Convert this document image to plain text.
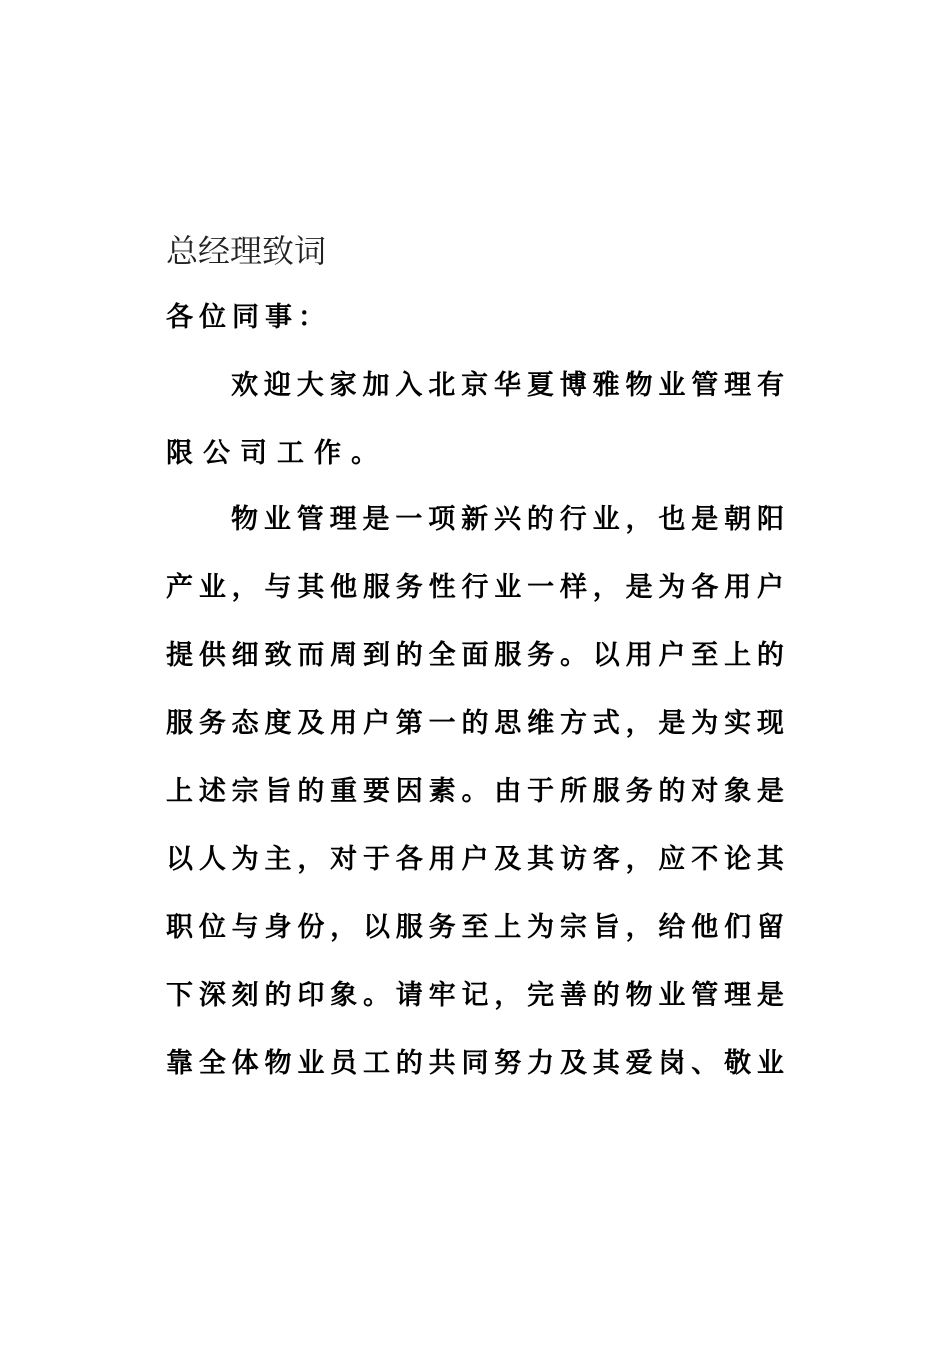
总经理致词
各位同事：
欢 迎 大 家 加 入 北 京 华 夏 博 雅 物 业 管 理 有
限 公 司 工 作 。
物 业 管 理 是 一 项 新 兴 的 行 业 ， 也 是 朝 阳
产 业 ， 与 其 他 服 务 性 行 业 一 样 ， 是 为 各 用 户
提 供 细 致 而 周 到 的 全 面 服 务 。 以 用 户 至 上 的
服 务 态 度 及 用 户 第 一 的 思 维 方 式 ， 是 为 实 现
上 述 宗 旨 的 重 要 因 素 。 由 于 所 服 务 的 对 象 是
以 人 为 主 ， 对 于 各 用 户 及 其 访 客 ， 应 不 论 其
职 位 与 身 份 ， 以 服 务 至 上 为 宗 旨 ， 给 他 们 留
下 深 刻 的 印 象 。 请 牢 记 ， 完 善 的 物 业 管 理 是
靠 全 体 物 业 员 工 的 共 同 努 力 及 其 爱 岗 、 敬 业
